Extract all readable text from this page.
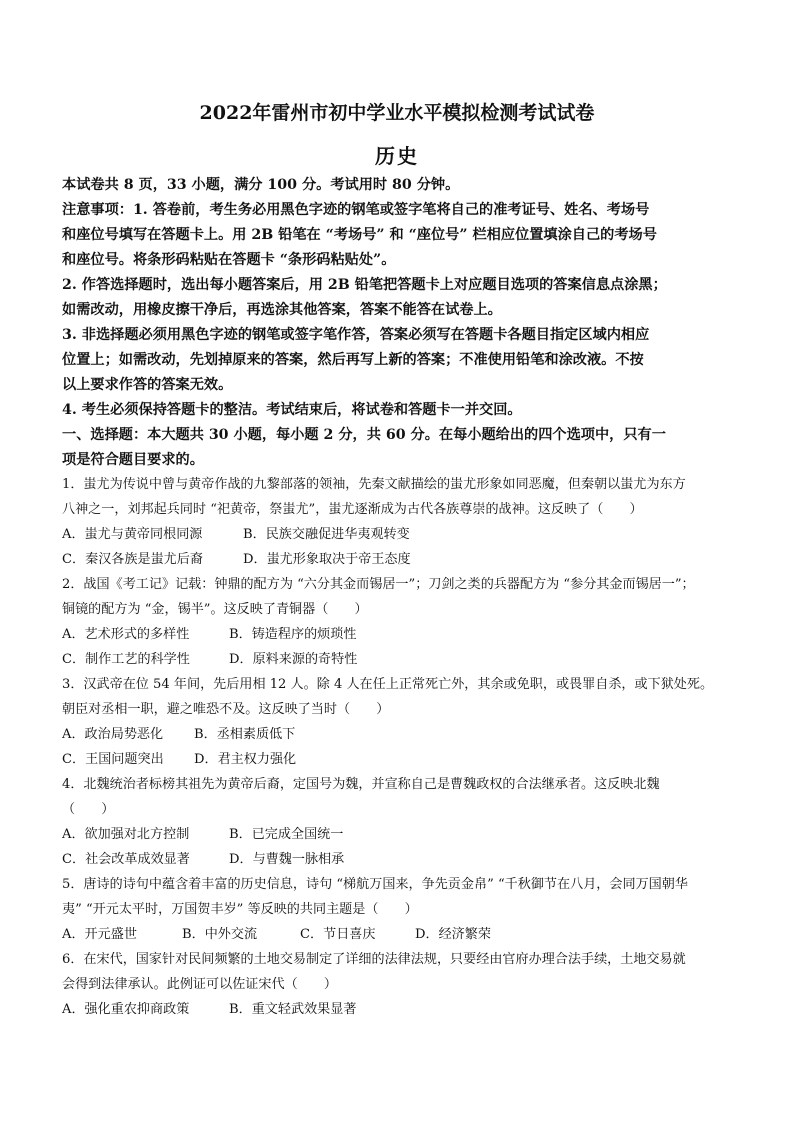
2022年雷州市初中学业水平模拟检测考试试卷
历史
本试卷共 8 页，33 小题，满分 100 分。考试用时 80 分钟。
注意事项：1. 答卷前，考生务必用黑色字迹的钢笔或签字笔将自己的准考证号、姓名、考场号
和座位号填写在答题卡上。用 2B 铅笔在 “考场号” 和 “座位号” 栏相应位置填涂自己的考场号
和座位号。将条形码粘贴在答题卡 “条形码粘贴处”。
2. 作答选择题时，选出每小题答案后，用 2B 铅笔把答题卡上对应题目选项的答案信息点涂黑；
如需改动，用橡皮擦干净后，再选涂其他答案，答案不能答在试卷上。
3. 非选择题必须用黑色字迹的钢笔或签字笔作答，答案必须写在答题卡各题目指定区域内相应
位置上；如需改动，先划掉原来的答案，然后再写上新的答案；不准使用铅笔和涂改液。不按
以上要求作答的答案无效。
4. 考生必须保持答题卡的整洁。考试结束后，将试卷和答题卡一并交回。
一、选择题：本大题共 30 小题，每小题 2 分，共 60 分。在每小题给出的四个选项中，只有一
项是符合题目要求的。
1．蚩尤为传说中曾与黄帝作战的九黎部落的领袖，先秦文献描绘的蚩尤形象如同恶魔，但秦朝以蚩尤为东方
八神之一，刘邦起兵同时 “祀黄帝，祭蚩尤”，蚩尤逐渐成为古代各族尊崇的战神。这反映了（　　）
A．蚩尤与黄帝同根同源	B．民族交融促进华夷观转变
C．秦汉各族是蚩尤后裔	D．蚩尤形象取决于帝王态度
2．战国《考工记》记载：钟鼎的配方为 “六分其金而锡居一”；刀剑之类的兵器配方为 “参分其金而锡居一”；
铜镜的配方为 “金，锡半”。这反映了青铜器（　　）
A．艺术形式的多样性	B．铸造程序的烦琐性
C．制作工艺的科学性	D．原料来源的奇特性
3．汉武帝在位 54 年间，先后用相 12 人。除 4 人在任上正常死亡外，其余或免职，或畏罪自杀，或下狱处死。
朝臣对丞相一职，避之唯恐不及。这反映了当时（　　）
A．政治局势恶化 B．丞相素质低下
C．王国问题突出 D．君主权力强化
4．北魏统治者标榜其祖先为黄帝后裔，定国号为魏，并宣称自己是曹魏政权的合法继承者。这反映北魏
（　　）
A．欲加强对北方控制	B．已完成全国统一
C．社会改革成效显著	D．与曹魏一脉相承
5．唐诗的诗句中蕴含着丰富的历史信息，诗句 “梯航万国来，争先贡金帛” “千秋御节在八月，会同万国朝华
夷” “开元太平时，万国贺丰岁” 等反映的共同主题是（　　）
A．开元盛世	B．中外交流	C．节日喜庆	D．经济繁荣
6．在宋代，国家针对民间频繁的土地交易制定了详细的法律法规，只要经由官府办理合法手续，土地交易就
会得到法律承认。此例证可以佐证宋代（　　）
A．强化重农抑商政策	B．重文轻武效果显著
